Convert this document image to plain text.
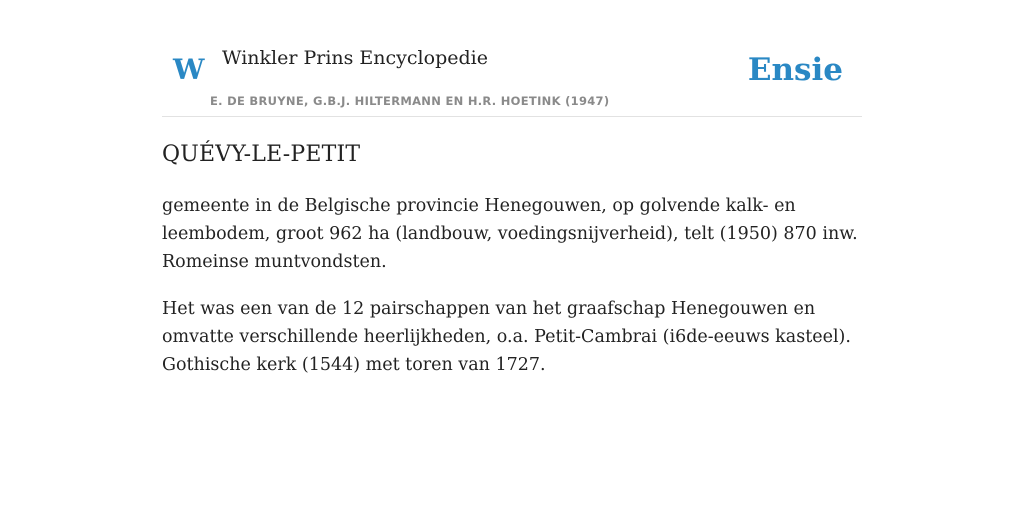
W Winkler Prins Encyclopedie
E. DE BRUYNE, G.B.J. HILTERMANN EN H.R. HOETINK (1947)
Ensie
QUÉVY-LE-PETIT

gemeente in de Belgische provincie Henegouwen, op golvende kalk- en leembodem, groot 962 ha (landbouw, voedingsnijverheid), telt (1950) 870 inw. Romeinse muntvondsten.

Het was een van de 12 pairschappen van het graafschap Henegouwen en omvatte verschillende heerlijkheden, o.a. Petit-Cambrai (i6de-eeuws kasteel). Gothische kerk (1544) met toren van 1727.
